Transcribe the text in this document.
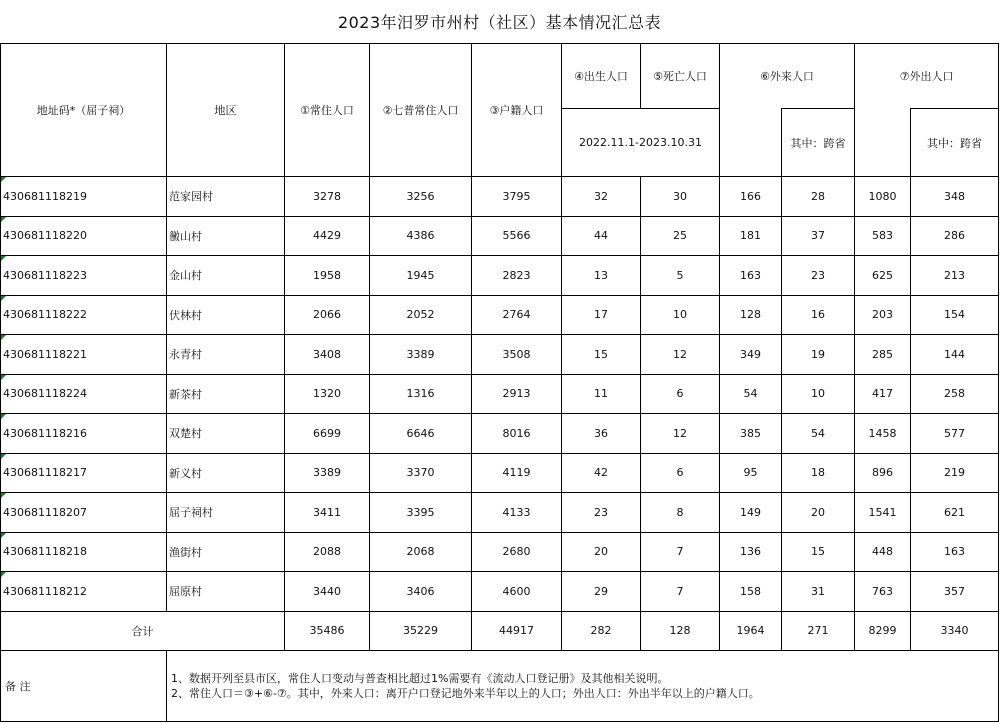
2023年汨罗市州村（社区）基本情况汇总表										
地址码*（屈子祠）	地区	①常住人口	②七普常住人口	③户籍人口	④出生人口	⑤死亡人口	⑥外来人口		⑦外出人口	
					2022.11.1-2023.10.31			其中：跨省		其中：跨省
430681118219	范家园村	3278	3256	3795	32	30	166	28	1080	348
430681118220	黴山村	4429	4386	5566	44	25	181	37	583	286
430681118223	金山村	1958	1945	2823	13	5	163	23	625	213
430681118222	伏林村	2066	2052	2764	17	10	128	16	203	154
430681118221	永青村	3408	3389	3508	15	12	349	19	285	144
430681118224	新茶村	1320	1316	2913	11	6	54	10	417	258
430681118216	双楚村	6699	6646	8016	36	12	385	54	1458	577
430681118217	新义村	3389	3370	4119	42	6	95	18	896	219
430681118207	屈子祠村	3411	3395	4133	23	8	149	20	1541	621
430681118218	渔街村	2088	2068	2680	20	7	136	15	448	163
430681118212	屈原村	3440	3406	4600	29	7	158	31	763	357
合计		35486	35229	44917	282	128	1964	271	8299	3340
备 注	1、数据开列至县市区，常住人口变动与普查相比超过1%需要有《流动人口登记册》及其他相关说明。
2、常住人口＝③+⑥-⑦。其中，外来人口：离开户口登记地外来半年以上的人口；外出人口：外出半年以上的户籍人口。									
